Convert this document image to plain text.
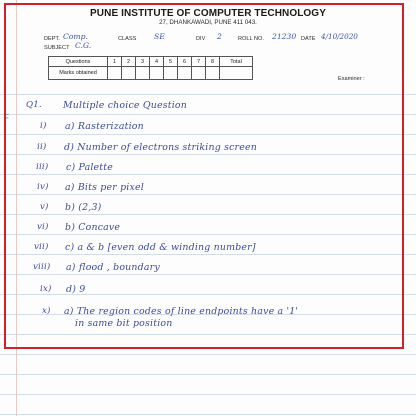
F
PUNE INSTITUTE OF COMPUTER TECHNOLOGY
27, DHANKAWADI, PUNE 411 043.
DEPT. Comp.	CLASS SE	DIV 2	ROLL NO. 21230 DATE 4/10/2020
SUBJECT C.G.
Questions	1	2	3	4	5	6	7	8	Total
Marks obtained									
Examiner :
Q1. Multiple choice Question
i) a) Rasterization
ii) d) Number of electrons striking screen
iii) c) Palette
iv) a) Bits per pixel
v) b) (2,3)
vi) b) Concave
vii) c) a & b [even odd & winding number]
viii) a) flood , boundary
ix) d) 9
x) a) The region codes of line endpoints have a '1'
in same bit position
